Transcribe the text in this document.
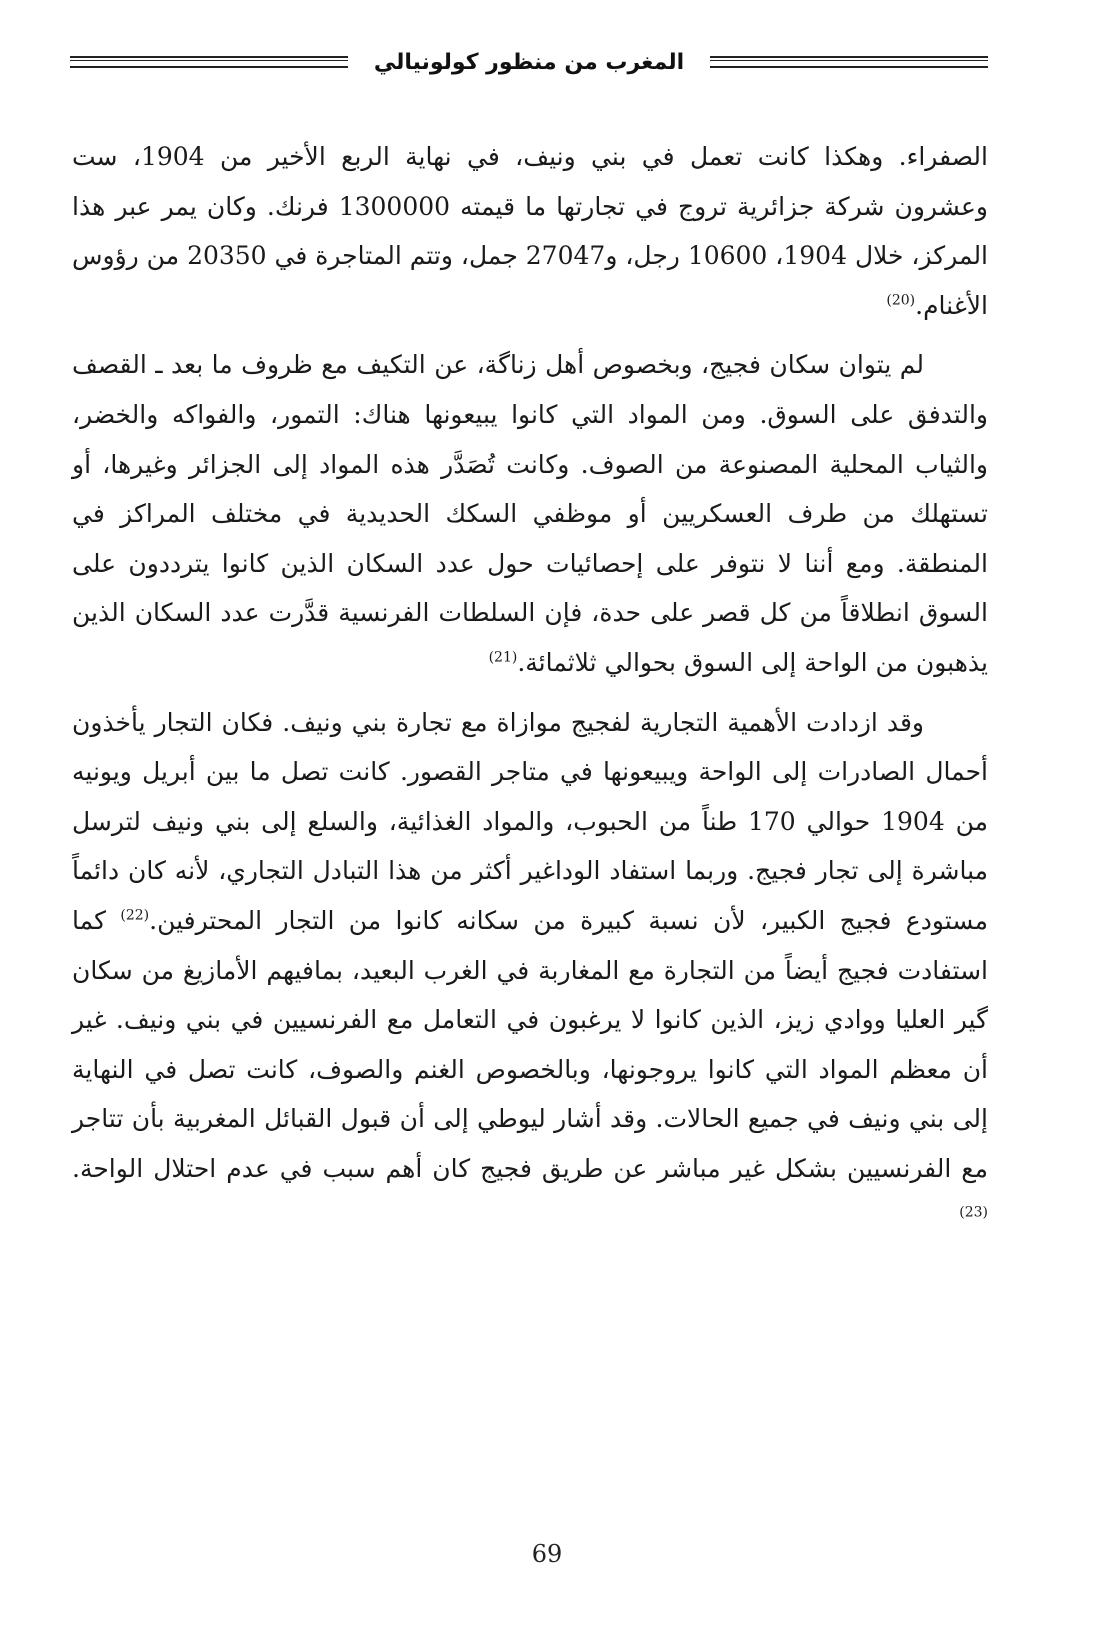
المغرب من منظور كولونيالي

الصفراء. وهكذا كانت تعمل في بني ونيف، في نهاية الربع الأخير من 1904، ست وعشرون شركة جزائرية تروج في تجارتها ما قيمته 1300000 فرنك. وكان يمر عبر هذا المركز، خلال 1904، 10600 رجل، و27047 جمل، وتتم المتاجرة في 20350 من رؤوس الأغنام.$^{(20)}$

لم يتوان سكان فجيج، وبخصوص أهل زناگة، عن التكيف مع ظروف ما بعد ـ القصف والتدفق على السوق. ومن المواد التي كانوا يبيعونها هناك: التمور، والفواكه والخضر، والثياب المحلية المصنوعة من الصوف. وكانت تُصَدَّر هذه المواد إلى الجزائر وغيرها، أو تستهلك من طرف العسكريين أو موظفي السكك الحديدية في مختلف المراكز في المنطقة. ومع أننا لا نتوفر على إحصائيات حول عدد السكان الذين كانوا يترددون على السوق انطلاقاً من كل قصر على حدة، فإن السلطات الفرنسية قدَّرت عدد السكان الذين يذهبون من الواحة إلى السوق بحوالي ثلاثمائة.$^{(21)}$

وقد ازدادت الأهمية التجارية لفجيج موازاة مع تجارة بني ونيف. فكان التجار يأخذون أحمال الصادرات إلى الواحة ويبيعونها في متاجر القصور. كانت تصل ما بين أبريل ويونيه من 1904 حوالي 170 طناً من الحبوب، والمواد الغذائية، والسلع إلى بني ونيف لترسل مباشرة إلى تجار فجيج. وربما استفاد الوداغير أكثر من هذا التبادل التجاري، لأنه كان دائماً مستودع فجيج الكبير، لأن نسبة كبيرة من سكانه كانوا من التجار المحترفين.$^{(22)}$ كما استفادت فجيج أيضاً من التجارة مع المغاربة في الغرب البعيد، بمافيهم الأمازيغ من سكان گير العليا ووادي زيز، الذين كانوا لا يرغبون في التعامل مع الفرنسيين في بني ونيف. غير أن معظم المواد التي كانوا يروجونها، وبالخصوص الغنم والصوف، كانت تصل في النهاية إلى بني ونيف في جميع الحالات. وقد أشار ليوطي إلى أن قبول القبائل المغربية بأن تتاجر مع الفرنسيين بشكل غير مباشر عن طريق فجيج كان أهم سبب في عدم احتلال الواحة.$^{(23)}$

69
